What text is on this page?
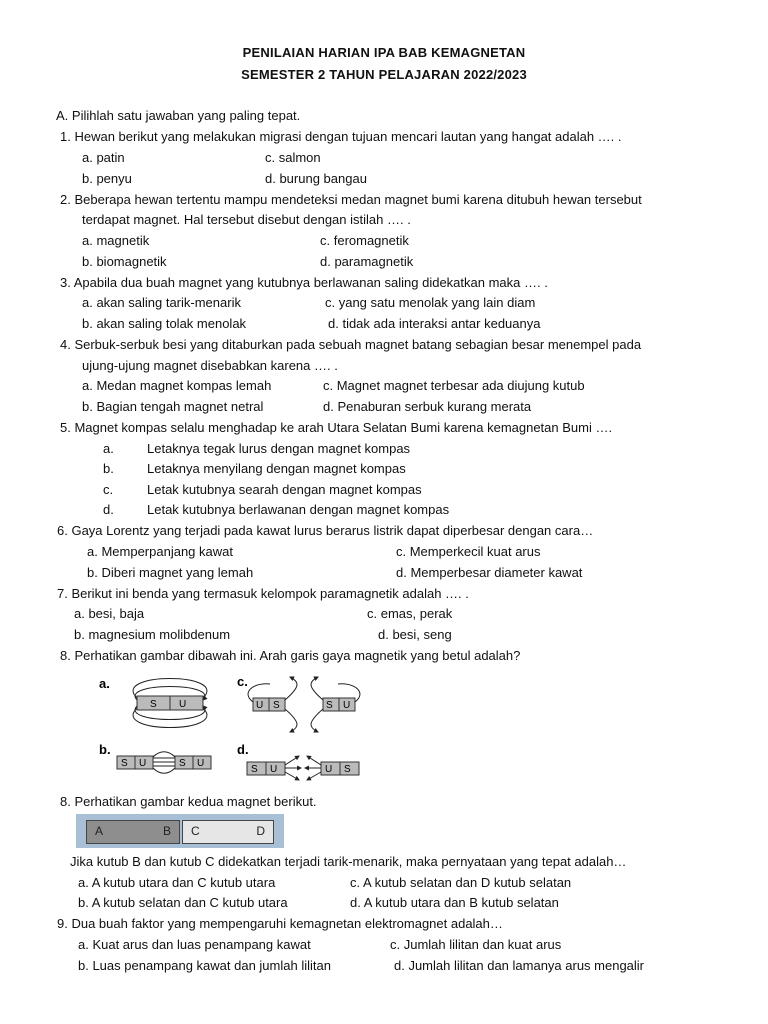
PENILAIAN HARIAN IPA BAB KEMAGNETAN
SEMESTER 2 TAHUN PELAJARAN 2022/2023
A. Pilihlah satu jawaban yang paling tepat.
1. Hewan berikut yang melakukan migrasi dengan tujuan mencari lautan yang hangat adalah …. .
a. patin	c. salmon
b. penyu	d. burung bangau
2. Beberapa hewan tertentu mampu mendeteksi medan magnet bumi karena ditubuh hewan tersebut
terdapat magnet. Hal tersebut disebut dengan istilah …. .
a. magnetik	c. feromagnetik
b. biomagnetik	d. paramagnetik
3. Apabila dua buah magnet yang kutubnya berlawanan saling didekatkan maka …. .
a. akan saling tarik-menarik	c. yang satu menolak yang lain diam
b. akan saling tolak menolak	d. tidak ada interaksi antar keduanya
4. Serbuk-serbuk besi yang ditaburkan pada sebuah magnet batang sebagian besar menempel pada
ujung-ujung magnet disebabkan karena …. .
a. Medan magnet kompas lemah	c. Magnet magnet terbesar ada diujung kutub
b. Bagian tengah magnet netral	d. Penaburan serbuk kurang merata
5. Magnet kompas selalu menghadap ke arah Utara Selatan Bumi karena kemagnetan Bumi ….
a.	Letaknya tegak lurus dengan magnet kompas
b.	Letaknya menyilang dengan magnet kompas
c.	Letak kutubnya searah dengan magnet kompas
d.	Letak kutubnya berlawanan dengan magnet kompas
6. Gaya Lorentz yang terjadi pada kawat lurus berarus listrik dapat diperbesar dengan cara…
a. Memperpanjang kawat	c. Memperkecil kuat arus
b. Diberi magnet yang lemah	d. Memperbesar diameter kawat
7. Berikut ini benda yang termasuk kelompok paramagnetik adalah …. .
a. besi, baja	c. emas, perak
b. magnesium molibdenum	d. besi, seng
8. Perhatikan gambar dibawah ini. Arah garis gaya magnetik yang betul adalah?
a.
S U
c.
U S	S U
b.
S U	S U
d.
S U	U S
8. Perhatikan gambar kedua magnet berikut.
A	B C	D
Jika kutub B dan kutub C didekatkan terjadi tarik-menarik, maka pernyataan yang tepat adalah…
a. A kutub utara dan C kutub utara	c. A kutub selatan dan D kutub selatan
b. A kutub selatan dan C kutub utara	d. A kutub utara dan B kutub selatan
9. Dua buah faktor yang mempengaruhi kemagnetan elektromagnet adalah…
a. Kuat arus dan luas penampang kawat	c. Jumlah lilitan dan kuat arus
b. Luas penampang kawat dan jumlah lilitan	d. Jumlah lilitan dan lamanya arus mengalir
